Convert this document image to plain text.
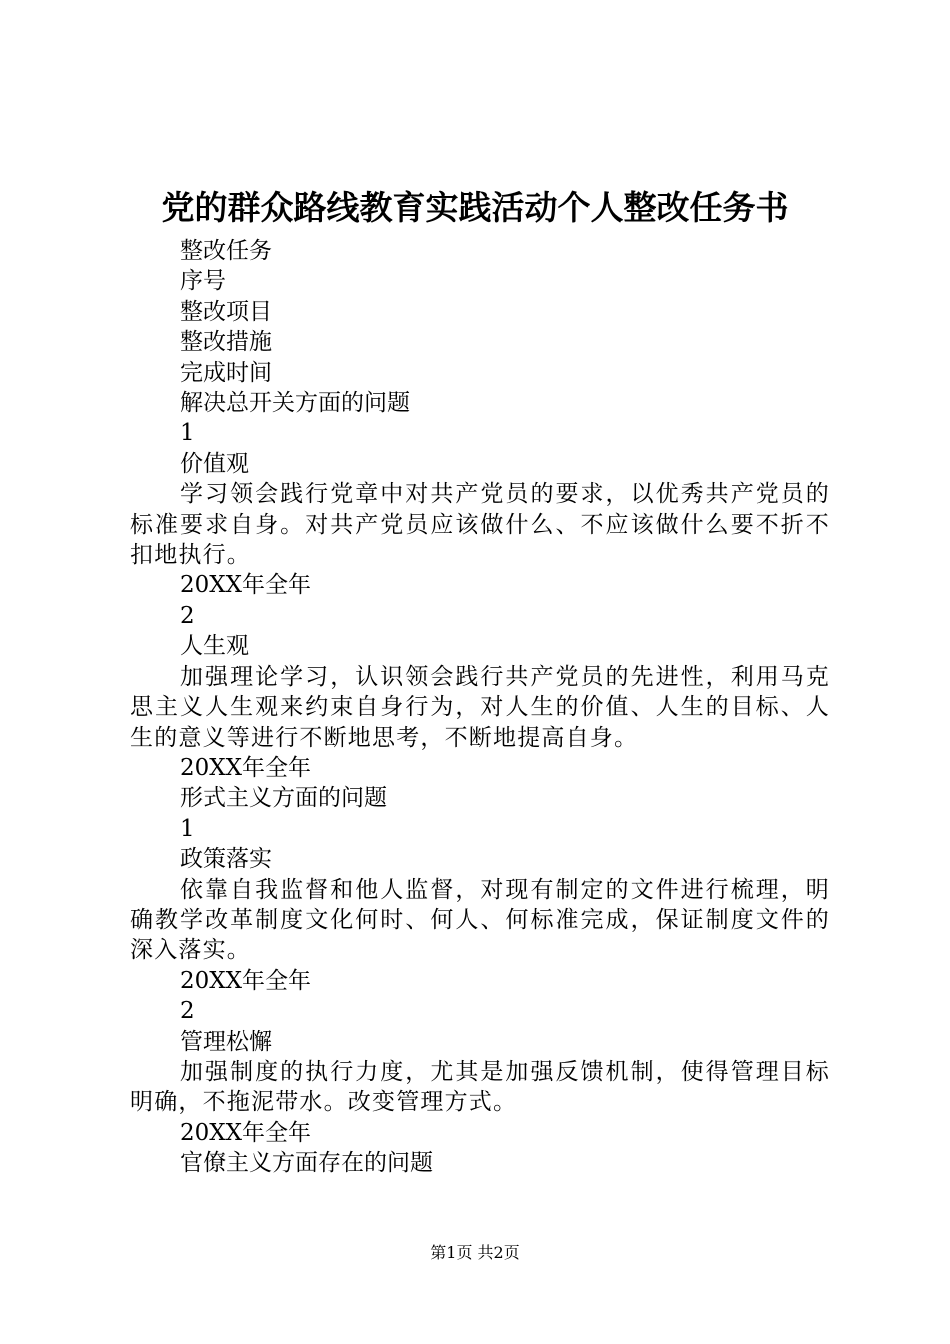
党的群众路线教育实践活动个人整改任务书

整改任务

序号

整改项目

整改措施

完成时间

解决总开关方面的问题

1

价值观

学习领会践行党章中对共产党员的要求，以优秀共产党员的标准要求自身。对共产党员应该做什么、不应该做什么要不折不扣地执行。

20XX年全年

2

人生观

加强理论学习，认识领会践行共产党员的先进性，利用马克思主义人生观来约束自身行为，对人生的价值、人生的目标、人生的意义等进行不断地思考，不断地提高自身。

20XX年全年

形式主义方面的问题

1

政策落实

依靠自我监督和他人监督，对现有制定的文件进行梳理，明确教学改革制度文化何时、何人、何标准完成，保证制度文件的深入落实。

20XX年全年

2

管理松懈

加强制度的执行力度，尤其是加强反馈机制，使得管理目标明确，不拖泥带水。改变管理方式。

20XX年全年

官僚主义方面存在的问题

第1页 共2页
